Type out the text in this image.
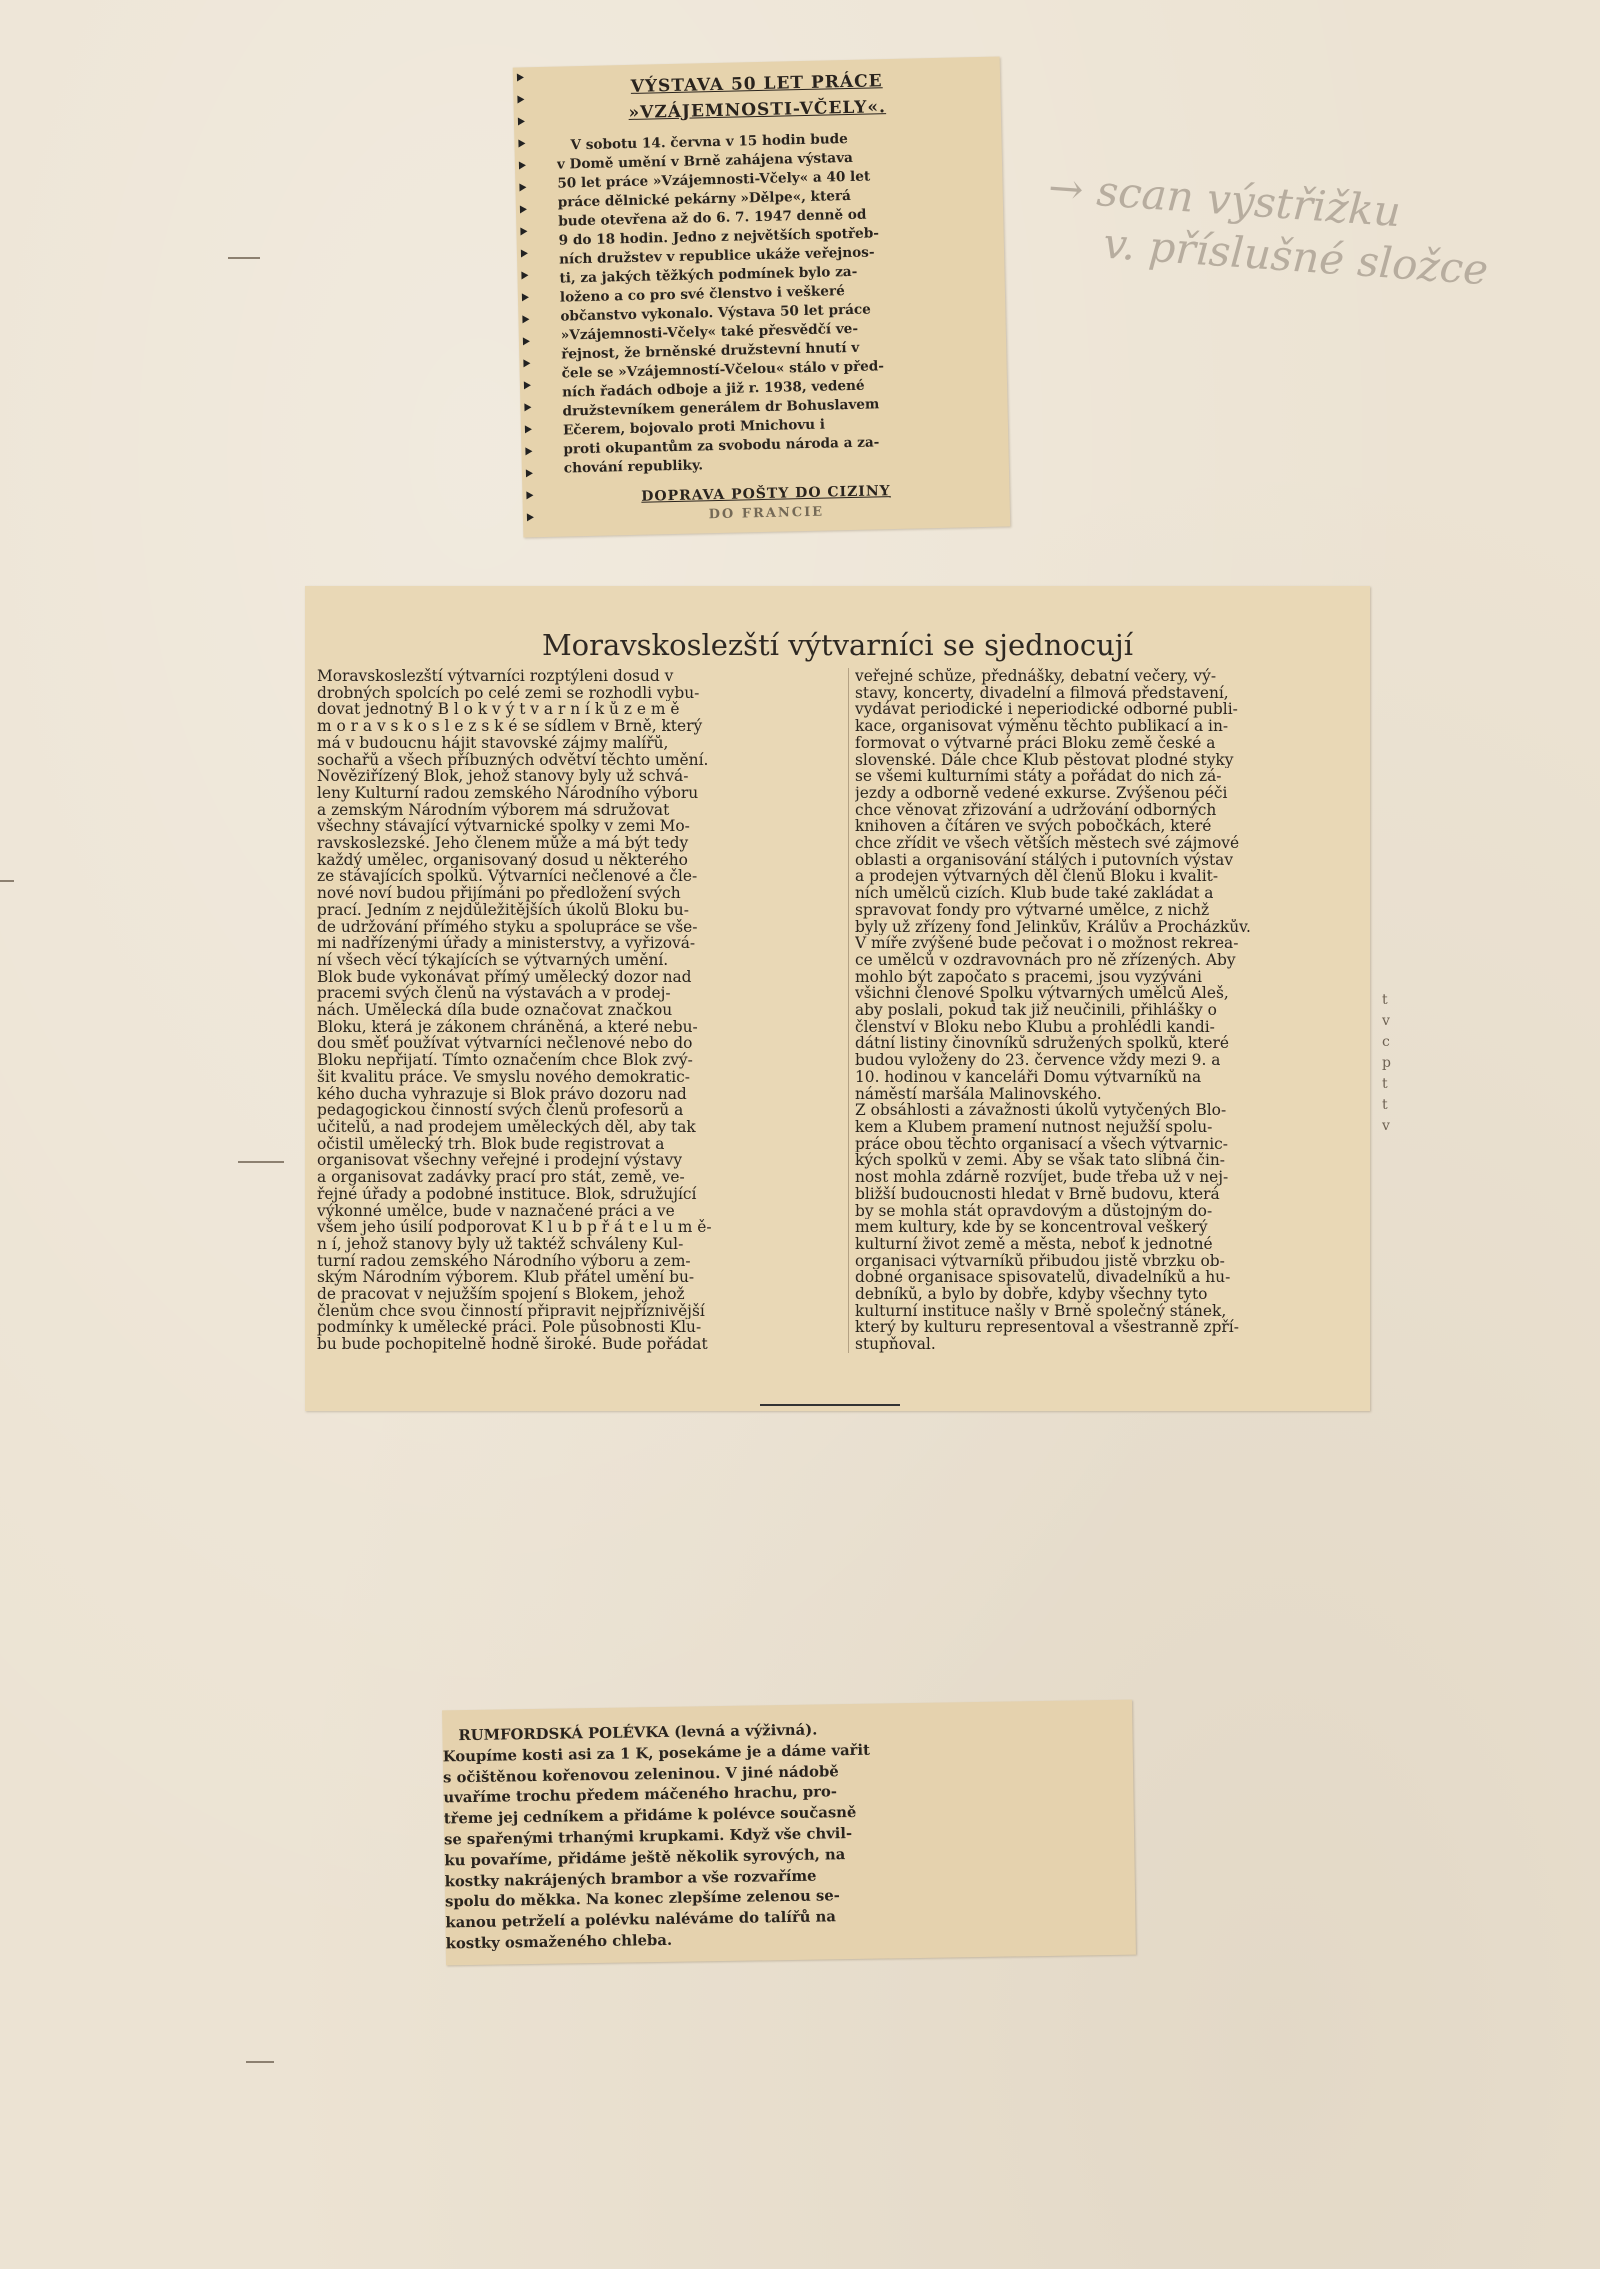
→ scan výstřižku
v. příslušné složce
VÝSTAVA 50 LET PRÁCE
»VZÁJEMNOSTI-VČELY«.
V sobotu 14. června v 15 hodin bude
v Domě umění v Brně zahájena výstava
50 let práce »Vzájemnosti-Včely« a 40 let
práce dělnické pekárny »Dělpe«, která
bude otevřena až do 6. 7. 1947 denně od
9 do 18 hodin. Jedno z největších spotřeb-
ních družstev v republice ukáže veřejnos-
ti, za jakých těžkých podmínek bylo za-
loženo a co pro své členstvo i veškeré
občanstvo vykonalo. Výstava 50 let práce
»Vzájemnosti-Včely« také přesvědčí ve-
řejnost, že brněnské družstevní hnutí v
čele se »Vzájemností-Včelou« stálo v před-
ních řadách odboje a již r. 1938, vedené
družstevníkem generálem dr Bohuslavem
Ečerem, bojovalo proti Mnichovu i
proti okupantům za svobodu národa a za-
chování republiky.
DOPRAVA POŠTY DO CIZINY
DO FRANCIE
Moravskoslezští výtvarníci se sjednocují
Moravskoslezští výtvarníci rozptýleni dosud v
drobných spolcích po celé zemi se rozhodli vybu-
dovat jednotný B l o k v ý t v a r n í k ů z e m ě
m o r a v s k o s l e z s k é se sídlem v Brně, který
má v budoucnu hájit stavovské zájmy malířů,
sochařů a všech příbuzných odvětví těchto umění.
Nověziřízený Blok, jehož stanovy byly už schvá-
leny Kulturní radou zemského Národního výboru
a zemským Národním výborem má sdružovat
všechny stávající výtvarnické spolky v zemi Mo-
ravskoslezské. Jeho členem může a má být tedy
každý umělec, organisovaný dosud u některého
ze stávajících spolků. Výtvarníci nečlenové a čle-
nové noví budou přijímáni po předložení svých
prací. Jedním z nejdůležitějších úkolů Bloku bu-
de udržování přímého styku a spolupráce se vše-
mi nadřízenými úřady a ministerstvy, a vyřizová-
ní všech věcí týkajících se výtvarných umění.
Blok bude vykonávat přímý umělecký dozor nad
pracemi svých členů na výstavách a v prodej-
nách. Umělecká díla bude označovat značkou
Bloku, která je zákonem chráněná, a které nebu-
dou směť používat výtvarníci nečlenové nebo do
Bloku nepřijatí. Tímto označením chce Blok zvý-
šit kvalitu práce. Ve smyslu nového demokratic-
kého ducha vyhrazuje si Blok právo dozoru nad
pedagogickou činností svých členů profesorů a
učitelů, a nad prodejem uměleckých děl, aby tak
očistil umělecký trh. Blok bude registrovat a
organisovat všechny veřejné i prodejní výstavy
a organisovat zadávky prací pro stát, země, ve-
řejné úřady a podobné instituce. Blok, sdružující
výkonné umělce, bude v naznačené práci a ve
všem jeho úsilí podporovat K l u b p ř á t e l u m ě-
n í, jehož stanovy byly už taktéž schváleny Kul-
turní radou zemského Národního výboru a zem-
ským Národním výborem. Klub přátel umění bu-
de pracovat v nejužším spojení s Blokem, jehož
členům chce svou činností připravit nejpříznivější
podmínky k umělecké práci. Pole působnosti Klu-
bu bude pochopitelně hodně široké. Bude pořádat
veřejné schůze, přednášky, debatní večery, vý-
stavy, koncerty, divadelní a filmová představení,
vydávat periodické i neperiodické odborné publi-
kace, organisovat výměnu těchto publikací a in-
formovat o výtvarné práci Bloku země české a
slovenské. Dále chce Klub pěstovat plodné styky
se všemi kulturními státy a pořádat do nich zá-
jezdy a odborně vedené exkurse. Zvýšenou péči
chce věnovat zřizování a udržování odborných
knihoven a čítáren ve svých pobočkách, které
chce zřídit ve všech větších městech své zájmové
oblasti a organisování stálých i putovních výstav
a prodejen výtvarných děl členů Bloku i kvalit-
ních umělců cizích. Klub bude také zakládat a
spravovat fondy pro výtvarné umělce, z nichž
byly už zřízeny fond Jelinkův, Králův a Procházkův.
V míře zvýšené bude pečovat i o možnost rekrea-
ce umělců v ozdravovnách pro ně zřízených. Aby
mohlo být započato s pracemi, jsou vyzýváni
všichni členové Spolku výtvarných umělců Aleš,
aby poslali, pokud tak již neučinili, přihlášky o
členství v Bloku nebo Klubu a prohlédli kandi-
dátní listiny činovníků sdružených spolků, které
budou vyloženy do 23. července vždy mezi 9. a
10. hodinou v kanceláři Domu výtvarníků na
náměstí maršála Malinovského.
Z obsáhlosti a závažnosti úkolů vytyčených Blo-
kem a Klubem pramení nutnost nejužší spolu-
práce obou těchto organisací a všech výtvarnic-
kých spolků v zemi. Aby se však tato slibná čin-
nost mohla zdárně rozvíjet, bude třeba už v nej-
bližší budoucnosti hledat v Brně budovu, která
by se mohla stát opravdovým a důstojným do-
mem kultury, kde by se koncentroval veškerý
kulturní život země a města, neboť k jednotné
organisaci výtvarníků přibudou jistě vbrzku ob-
dobné organisace spisovatelů, divadelníků a hu-
debníků, a bylo by dobře, kdyby všechny tyto
kulturní instituce našly v Brně společný stánek,
který by kulturu representoval a všestranně zpří-
stupňoval.
t
v
c
p
t
t
v
RUMFORDSKÁ POLÉVKA (levná a výživná).
Koupíme kosti asi za 1 K, posekáme je a dáme vařit
s očištěnou kořenovou zeleninou. V jiné nádobě
uvaříme trochu předem máčeného hrachu, pro-
třeme jej cedníkem a přidáme k polévce současně
se spařenými trhanými krupkami. Když vše chvil-
ku povaříme, přidáme ještě několik syrových, na
kostky nakrájených brambor a vše rozvaříme
spolu do měkka. Na konec zlepšíme zelenou se-
kanou petrželí a polévku naléváme do talířů na
kostky osmaženého chleba.
